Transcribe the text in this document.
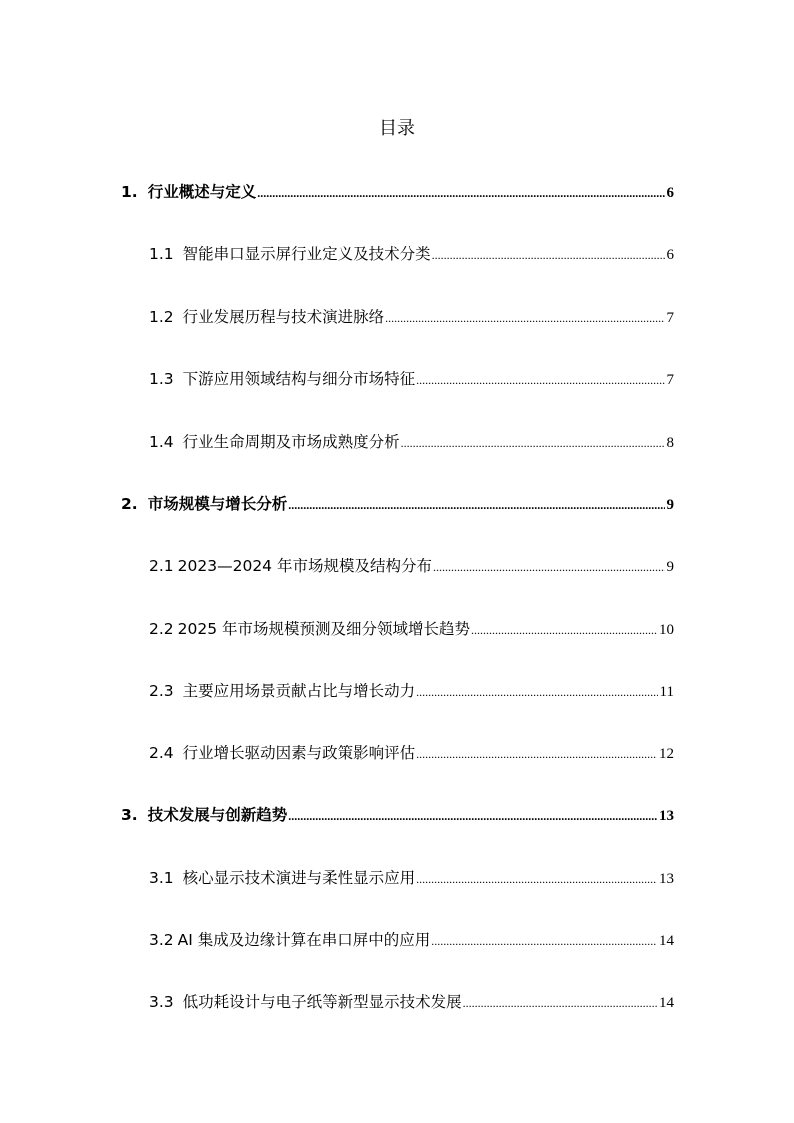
目录
1. 行业概述与定义 .....	6
1.1 智能串口显示屏行业定义及技术分类 .....	6
1.2 行业发展历程与技术演进脉络 .....	7
1.3 下游应用领域结构与细分市场特征 .....	7
1.4 行业生命周期及市场成熟度分析 .....	8
2. 市场规模与增长分析 .....	9
2.1 2023—2024 年市场规模及结构分布 .....	9
2.2 2025 年市场规模预测及细分领域增长趋势 .....	10
2.3 主要应用场景贡献占比与增长动力 .....	11
2.4 行业增长驱动因素与政策影响评估 .....	12
3. 技术发展与创新趋势 .....	13
3.1 核心显示技术演进与柔性显示应用 .....	13
3.2 AI 集成及边缘计算在串口屏中的应用 .....	14
3.3 低功耗设计与电子纸等新型显示技术发展 .....	14
